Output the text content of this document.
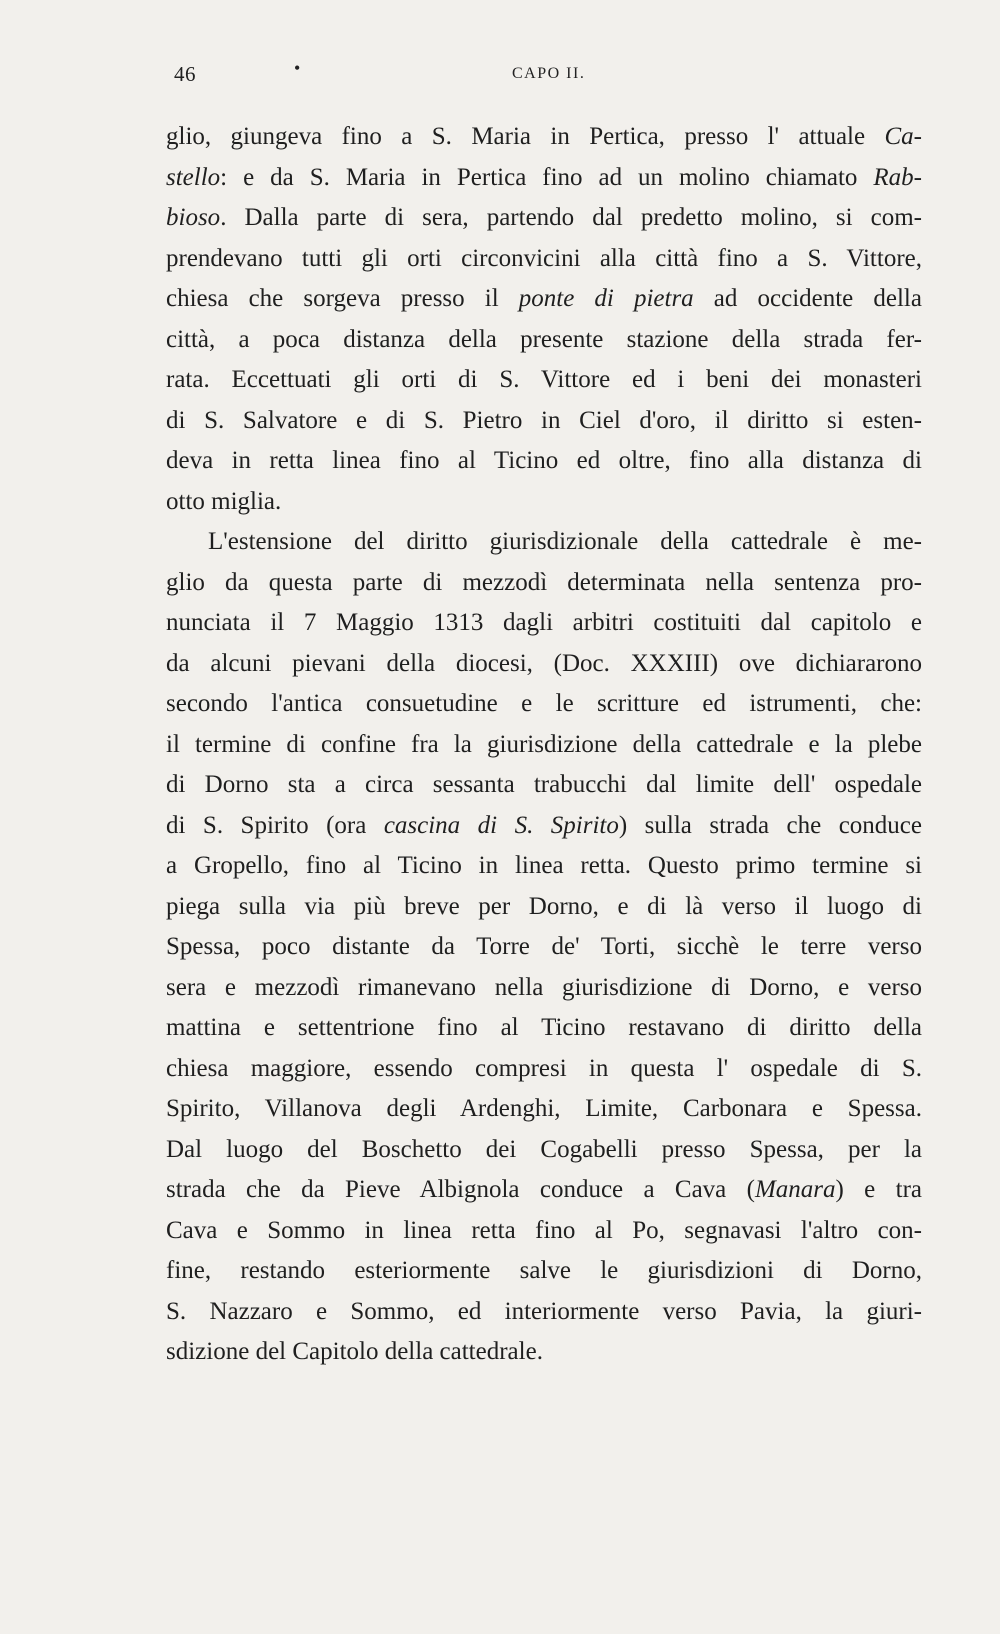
46	•	CAPO II.
glio, giungeva fino a S. Maria in Pertica, presso l' attuale Ca-
stello: e da S. Maria in Pertica fino ad un molino chiamato Rab-
bioso. Dalla parte di sera, partendo dal predetto molino, si com-
prendevano tutti gli orti circonvicini alla città fino a S. Vittore,
chiesa che sorgeva presso il ponte di pietra ad occidente della
città, a poca distanza della presente stazione della strada fer-
rata. Eccettuati gli orti di S. Vittore ed i beni dei monasteri
di S. Salvatore e di S. Pietro in Ciel d'oro, il diritto si esten-
deva in retta linea fino al Ticino ed oltre, fino alla distanza di
otto miglia.
L'estensione del diritto giurisdizionale della cattedrale è me-
glio da questa parte di mezzodì determinata nella sentenza pro-
nunciata il 7 Maggio 1313 dagli arbitri costituiti dal capitolo e
da alcuni pievani della diocesi, (Doc. XXXIII) ove dichiararono
secondo l'antica consuetudine e le scritture ed istrumenti, che:
il termine di confine fra la giurisdizione della cattedrale e la plebe
di Dorno sta a circa sessanta trabucchi dal limite dell' ospedale
di S. Spirito (ora cascina di S. Spirito) sulla strada che conduce
a Gropello, fino al Ticino in linea retta. Questo primo termine si
piega sulla via più breve per Dorno, e di là verso il luogo di
Spessa, poco distante da Torre de' Torti, sicchè le terre verso
sera e mezzodì rimanevano nella giurisdizione di Dorno, e verso
mattina e settentrione fino al Ticino restavano di diritto della
chiesa maggiore, essendo compresi in questa l' ospedale di S.
Spirito, Villanova degli Ardenghi, Limite, Carbonara e Spessa.
Dal luogo del Boschetto dei Cogabelli presso Spessa, per la
strada che da Pieve Albignola conduce a Cava (Manara) e tra
Cava e Sommo in linea retta fino al Po, segnavasi l'altro con-
fine, restando esteriormente salve le giurisdizioni di Dorno,
S. Nazzaro e Sommo, ed interiormente verso Pavia, la giuri-
sdizione del Capitolo della cattedrale.
